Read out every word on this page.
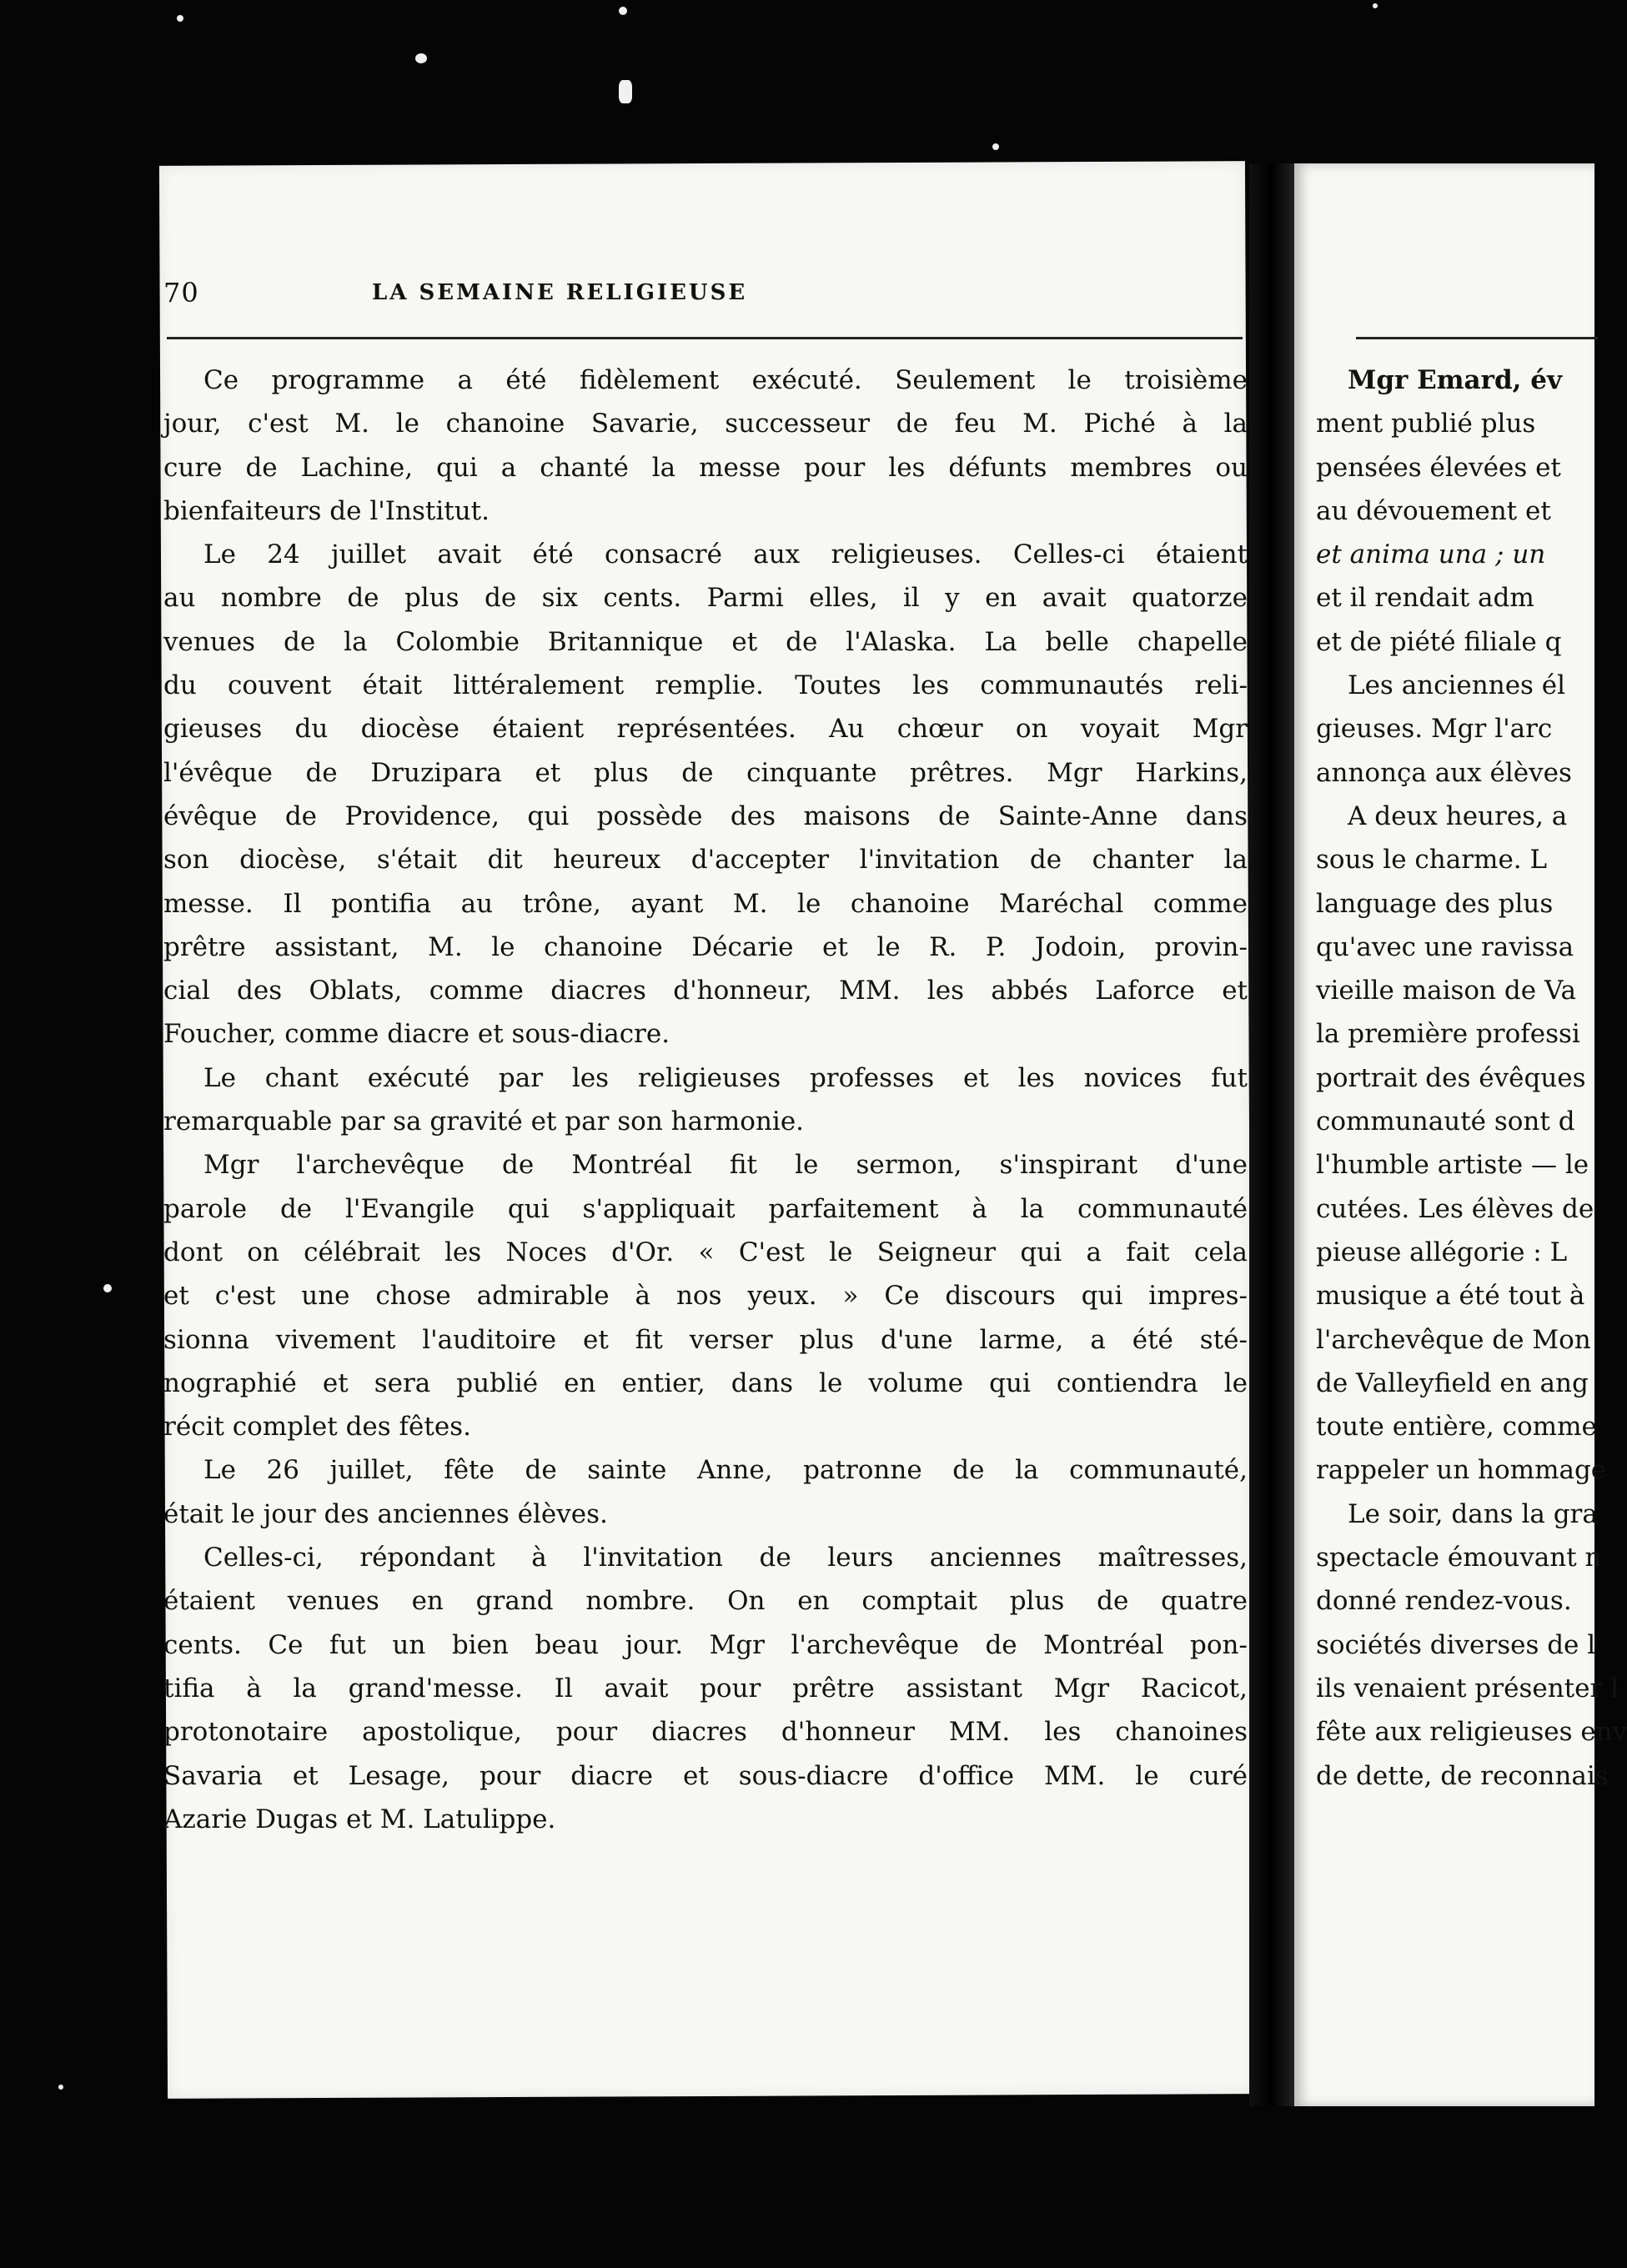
70	LA SEMAINE RELIGIEUSE
Ce programme a été fidèlement exécuté. Seulement le troisième
jour, c'est M. le chanoine Savarie, successeur de feu M. Piché à la
cure de Lachine, qui a chanté la messe pour les défunts membres ou
bienfaiteurs de l'Institut.
Le 24 juillet avait été consacré aux religieuses. Celles-ci étaient
au nombre de plus de six cents. Parmi elles, il y en avait quatorze
venues de la Colombie Britannique et de l'Alaska. La belle chapelle
du couvent était littéralement remplie. Toutes les communautés reli-
gieuses du diocèse étaient représentées. Au chœur on voyait Mgr
l'évêque de Druzipara et plus de cinquante prêtres. Mgr Harkins,
évêque de Providence, qui possède des maisons de Sainte-Anne dans
son diocèse, s'était dit heureux d'accepter l'invitation de chanter la
messe. Il pontifia au trône, ayant M. le chanoine Maréchal comme
prêtre assistant, M. le chanoine Décarie et le R. P. Jodoin, provin-
cial des Oblats, comme diacres d'honneur, MM. les abbés Laforce et
Foucher, comme diacre et sous-diacre.
Le chant exécuté par les religieuses professes et les novices fut
remarquable par sa gravité et par son harmonie.
Mgr l'archevêque de Montréal fit le sermon, s'inspirant d'une
parole de l'Evangile qui s'appliquait parfaitement à la communauté
dont on célébrait les Noces d'Or. « C'est le Seigneur qui a fait cela
et c'est une chose admirable à nos yeux. » Ce discours qui impres-
sionna vivement l'auditoire et fit verser plus d'une larme, a été sté-
nographié et sera publié en entier, dans le volume qui contiendra le
récit complet des fêtes.
Le 26 juillet, fête de sainte Anne, patronne de la communauté,
était le jour des anciennes élèves.
Celles-ci, répondant à l'invitation de leurs anciennes maîtresses,
étaient venues en grand nombre. On en comptait plus de quatre
cents. Ce fut un bien beau jour. Mgr l'archevêque de Montréal pon-
tifia à la grand'messe. Il avait pour prêtre assistant Mgr Racicot,
protonotaire apostolique, pour diacres d'honneur MM. les chanoines
Savaria et Lesage, pour diacre et sous-diacre d'office MM. le curé
Azarie Dugas et M. Latulippe.
Mgr Emard, év
ment publié plus
pensées élevées et
au dévouement et
et anima una ; un
et il rendait adm
et de piété filiale q
Les anciennes él
gieuses. Mgr l'arc
annonça aux élèves
A deux heures, a
sous le charme. L
language des plus
qu'avec une ravissa
vieille maison de Va
la première professi
portrait des évêques
communauté sont d
l'humble artiste — le
cutées. Les élèves de
pieuse allégorie : L
musique a été tout à
l'archevêque de Mon
de Valleyfield en ang
toute entière, comme
rappeler un hommage
Le soir, dans la gra
spectacle émouvant n
donné rendez-vous.
sociétés diverses de l
ils venaient présenter l
fête aux religieuses env
de dette, de reconnais
